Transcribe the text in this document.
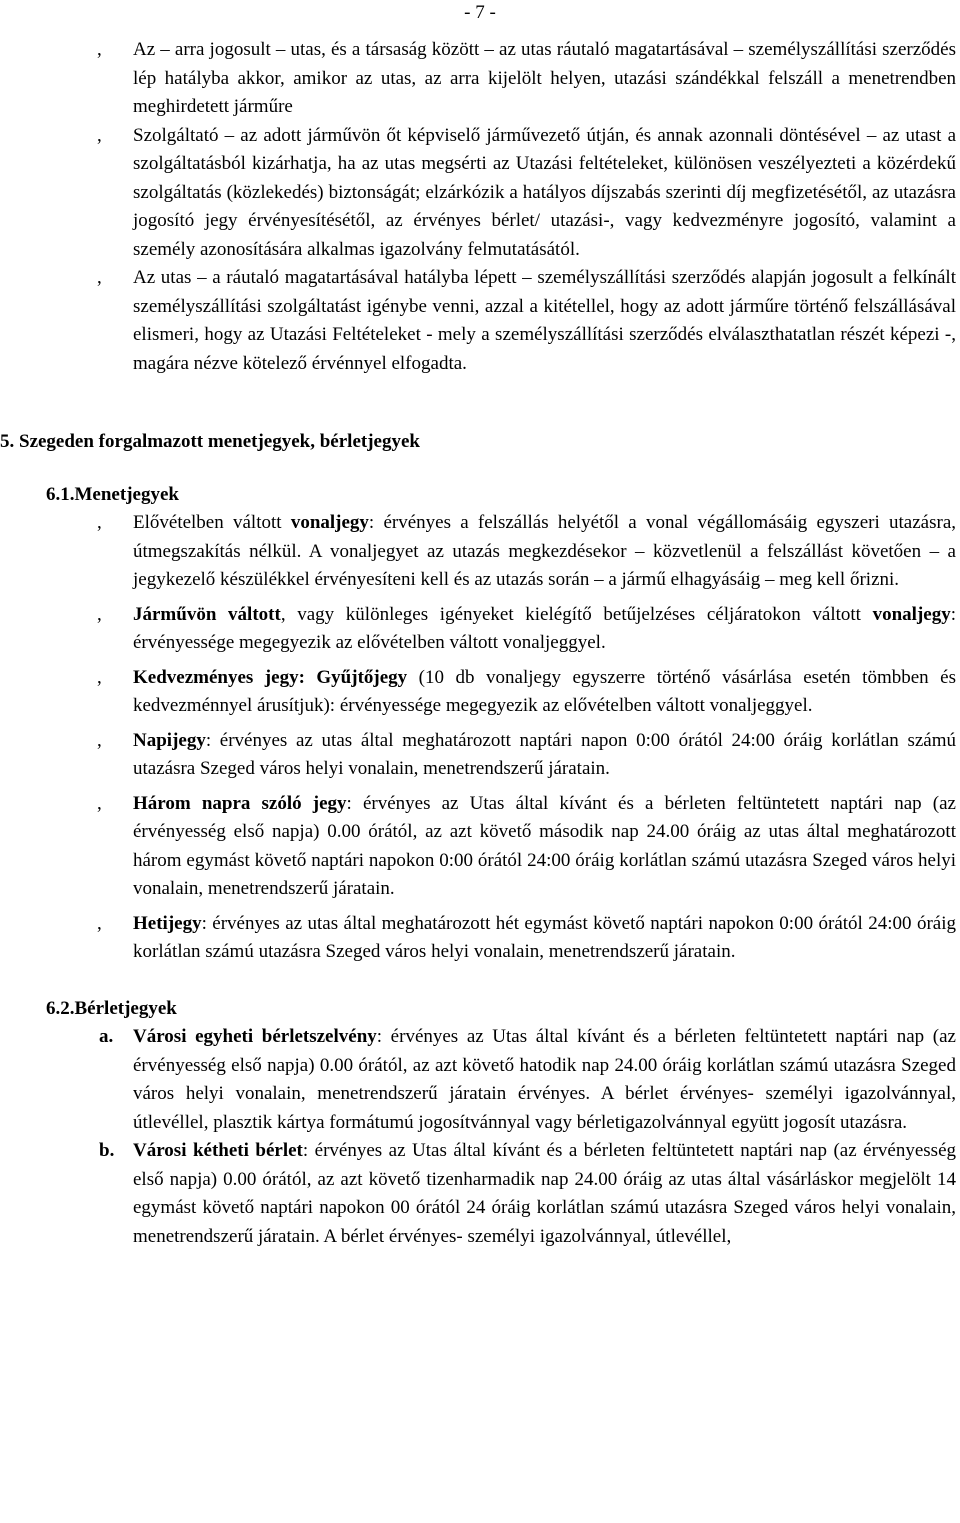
- 7 -
, Az – arra jogosult – utas, és a társaság között – az utas ráutaló magatartásával – személyszállítási szerződés lép hatályba akkor, amikor az utas, az arra kijelölt helyen, utazási szándékkal felszáll a menetrendben meghirdetett járműre
, Szolgáltató – az adott járművön őt képviselő járművezető útján, és annak azonnali döntésével – az utast a szolgáltatásból kizárhatja, ha az utas megsérti az Utazási feltételeket, különösen veszélyezteti a közérdekű szolgáltatás (közlekedés) biztonságát; elzárkózik a hatályos díjszabás szerinti díj megfizetésétől, az utazásra jogosító jegy érvényesítésétől, az érvényes bérlet/ utazási-, vagy kedvezményre jogosító, valamint a személy azonosítására alkalmas igazolvány felmutatásától.
, Az utas – a ráutaló magatartásával hatályba lépett – személyszállítási szerződés alapján jogosult a felkínált személyszállítási szolgáltatást igénybe venni, azzal a kitétellel, hogy az adott járműre történő felszállásával elismeri, hogy az Utazási Feltételeket - mely a személyszállítási szerződés elválaszthatatlan részét képezi -, magára nézve kötelező érvénnyel elfogadta.
5. Szegeden forgalmazott menetjegyek, bérletjegyek
6.1.Menetjegyek
, Elővételben váltott vonaljegy: érvényes a felszállás helyétől a vonal végállomásáig egyszeri utazásra, útmegszakítás nélkül. A vonaljegyet az utazás megkezdésekor – közvetlenül a felszállást követően – a jegykezelő készülékkel érvényesíteni kell és az utazás során – a jármű elhagyásáig – meg kell őrizni.
, Járművön váltott, vagy különleges igényeket kielégítő betűjelzéses céljáratokon váltott vonaljegy: érvényessége megegyezik az elővételben váltott vonaljeggyel.
, Kedvezményes jegy: Gyűjtőjegy (10 db vonaljegy egyszerre történő vásárlása esetén tömbben és kedvezménnyel árusítjuk): érvényessége megegyezik az elővételben váltott vonaljeggyel.
, Napijegy: érvényes az utas által meghatározott naptári napon 0:00 órától 24:00 óráig korlátlan számú utazásra Szeged város helyi vonalain, menetrendszerű járatain.
, Három napra szóló jegy: érvényes az Utas által kívánt és a bérleten feltüntetett naptári nap (az érvényesség első napja) 0.00 órától, az azt követő második nap 24.00 óráig az utas által meghatározott három egymást követő naptári napokon 0:00 órától 24:00 óráig korlátlan számú utazásra Szeged város helyi vonalain, menetrendszerű járatain.
, Hetijegy: érvényes az utas által meghatározott hét egymást követő naptári napokon 0:00 órától 24:00 óráig korlátlan számú utazásra Szeged város helyi vonalain, menetrendszerű járatain.
6.2.Bérletjegyek
a. Városi egyheti bérletszelvény: érvényes az Utas által kívánt és a bérleten feltüntetett naptári nap (az érvényesség első napja) 0.00 órától, az azt követő hatodik nap 24.00 óráig korlátlan számú utazásra Szeged város helyi vonalain, menetrendszerű járatain érvényes. A bérlet érvényes- személyi igazolvánnyal, útlevéllel, plasztik kártya formátumú jogosítvánnyal vagy bérletigazolvánnyal együtt jogosít utazásra.
b. Városi kétheti bérlet: érvényes az Utas által kívánt és a bérleten feltüntetett naptári nap (az érvényesség első napja) 0.00 órától, az azt követő tizenharmadik nap 24.00 óráig az utas által vásárláskor megjelölt 14 egymást követő naptári napokon 00 órától 24 óráig korlátlan számú utazásra Szeged város helyi vonalain, menetrendszerű járatain. A bérlet érvényes- személyi igazolvánnyal, útlevéllel,
